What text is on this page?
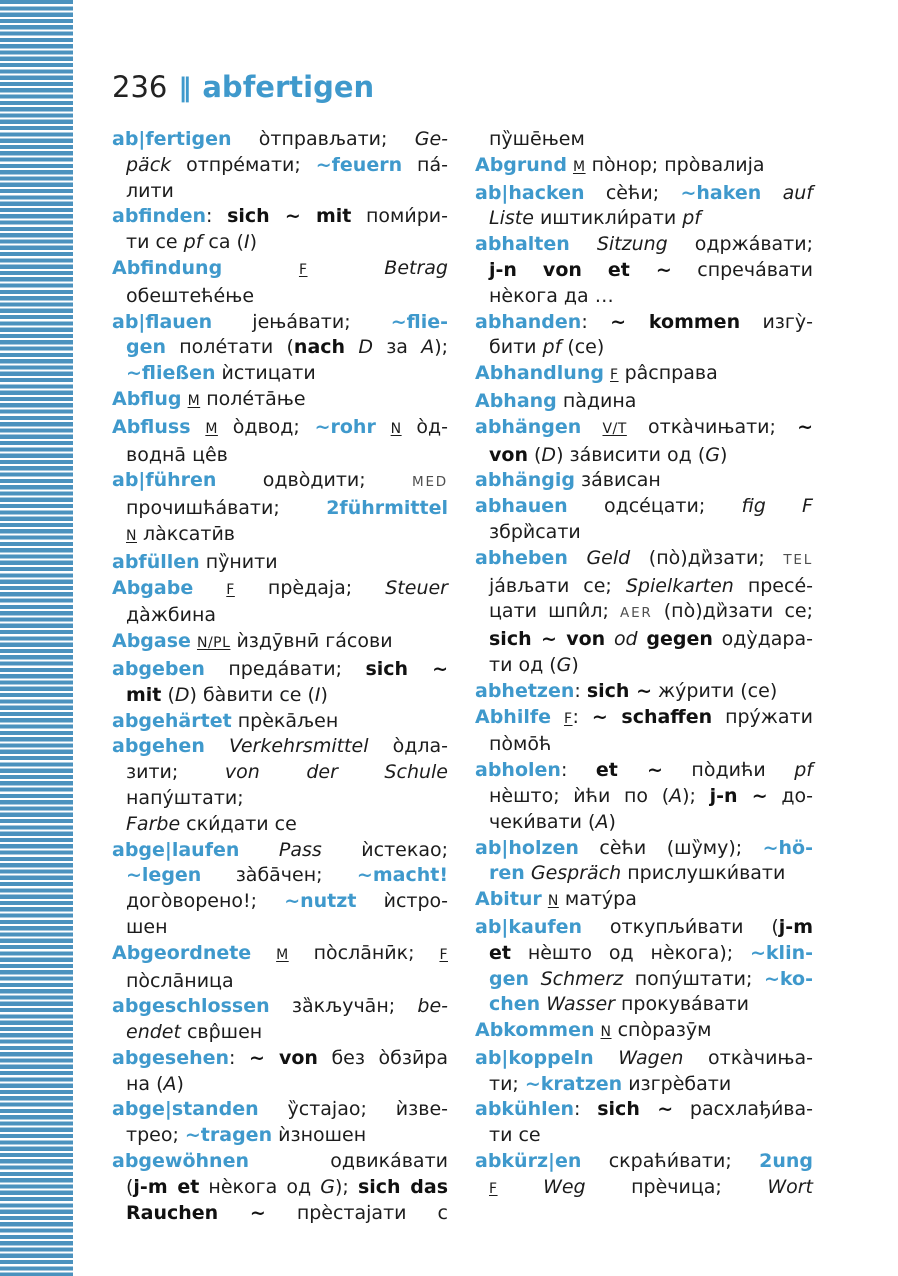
236 ‖ abfertigen
ab|fertigen òтправљати; Ge-
päck отпре́мати; ~feuern па́-
лити
abfinden: sich ~ mit поми́ри-
ти се pf са (I)
Abfindung	F	Betrag
обештеће́ње
ab|flauen јења́вати; ~flie-
gen поле́тати (nach D за A);
~fließen ѝстицати
Abflug M поле́та̄ње
Abfluss M òдвод; ~rohr N òд-
водна̄ це̂в
ab|führen одвòдити; MED
прочишћа́вати; 2führmittel
N ла̀ксатӣв
abfüllen пу̏нити
Abgabe F прѐдаја; Steuer
да̀жбина
Abgase N/PL ѝздӯвнӣ га́сови
abgeben преда́вати; sich ~
mit (D) ба̀вити се (I)
abgehärtet прѐка̄љен
abgehen Verkehrsmittel òдла-
зити; von der Schule напу́штати;
Farbe ски́дати се
abge|laufen Pass ѝстекао;
~legen за̀ба̄чен; ~macht!
догòворено!; ~nutzt ѝстро-
шен
Abgeordnete M пòсла̄нӣк; F
пòсла̄ница
abgeschlossen за̏кључа̄н; be-
endet свр̂шен
abgesehen: ~ von без òбзӣра
на (A)
abge|standen у̏стајао; ѝзве-
трео; ~tragen ѝзношен
abgewöhnen одвика́вати
(j-m et нѐкога од G); sich das
Rauchen ~ прѐстајати с
пу̏ше̄њем
Abgrund M пòнор; прòвалија
ab|hacken сѐћи; ~haken auf
Liste иштикли́рати pf
abhalten Sitzung одржа́вати;
j-n von et ~ спреча́вати
нѐкога да …
abhanden: ~ kommen изгу̀-
бити pf (се)
Abhandlung F ра̂справа
Abhang па̀дина
abhängen V/T отка̀чињати; ~
von (D) за́висити од (G)
abhängig за́висан
abhauen одсе́цати; fig F
збри̏сати
abheben Geld (пò)ди̏зати; TEL
ја́вљати се; Spielkarten пресе́-
цати шпи̂л; AER (пò)ди̏зати се;
sich ~ von od gegen оду̀дара-
ти од (G)
abhetzen: sich ~ жу́рити (се)
Abhilfe F: ~ schaffen пру́жати
пòмо̄ћ
abholen: et ~ пòдићи pf
нѐшто; ѝћи по (A); j-n ~ до-
чеки́вати (A)
ab|holzen сѐћи (шу̏му); ~hö-
ren Gespräch прислушки́вати
Abitur N мату́ра
ab|kaufen откупљи́вати (j-m
et нѐшто од нѐкога); ~klin-
gen Schmerz попу́штати; ~ko-
chen Wasser прокува́вати
Abkommen N спòразӯм
ab|koppeln Wagen отка̀чиња-
ти; ~kratzen изгрѐбати
abkühlen: sich ~ расхлађи́ва-
ти се
abkürz|en скраћи́вати; 2ung
F Weg прѐчица; Wort
